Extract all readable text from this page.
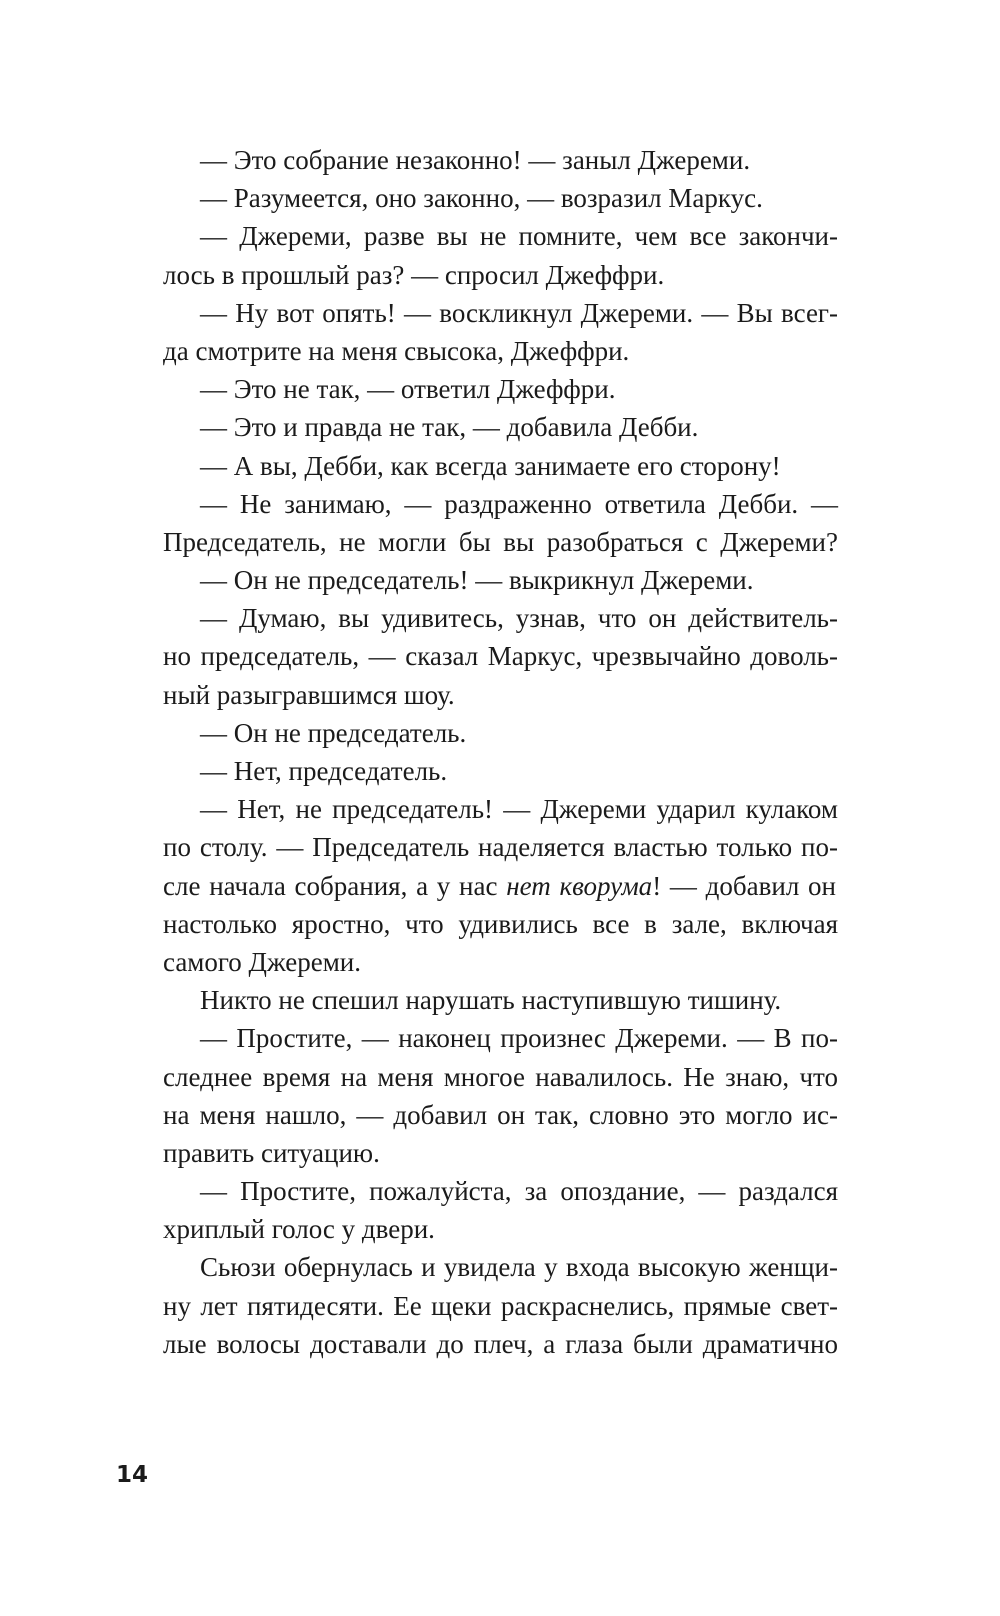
— Это собрание незаконно! — заныл Джереми.
— Разумеется, оно законно, — возразил Маркус.
— Джереми, разве вы не помните, чем все закончи-
лось в прошлый раз? — спросил Джеффри.
— Ну вот опять! — воскликнул Джереми. — Вы всег-
да смотрите на меня свысока, Джеффри.
— Это не так, — ответил Джеффри.
— Это и правда не так, — добавила Дебби.
— А вы, Дебби, как всегда занимаете его сторону!
— Не занимаю, — раздраженно ответила Дебби. —
Председатель, не могли бы вы разобраться с Джереми?
— Он не председатель! — выкрикнул Джереми.
— Думаю, вы удивитесь, узнав, что он действитель-
но председатель, — сказал Маркус, чрезвычайно доволь-
ный разыгравшимся шоу.
— Он не председатель.
— Нет, председатель.
— Нет, не председатель! — Джереми ударил кулаком
по столу. — Председатель наделяется властью только по-
сле начала собрания, а у нас нет кворума! — добавил он
настолько яростно, что удивились все в зале, включая
самого Джереми.
Никто не спешил нарушать наступившую тишину.
— Простите, — наконец произнес Джереми. — В по-
следнее время на меня многое навалилось. Не знаю, что
на меня нашло, — добавил он так, словно это могло ис-
править ситуацию.
— Простите, пожалуйста, за опоздание, — раздался
хриплый голос у двери.
Сьюзи обернулась и увидела у входа высокую женщи-
ну лет пятидесяти. Ее щеки раскраснелись, прямые свет-
лые волосы доставали до плеч, а глаза были драматично
14
